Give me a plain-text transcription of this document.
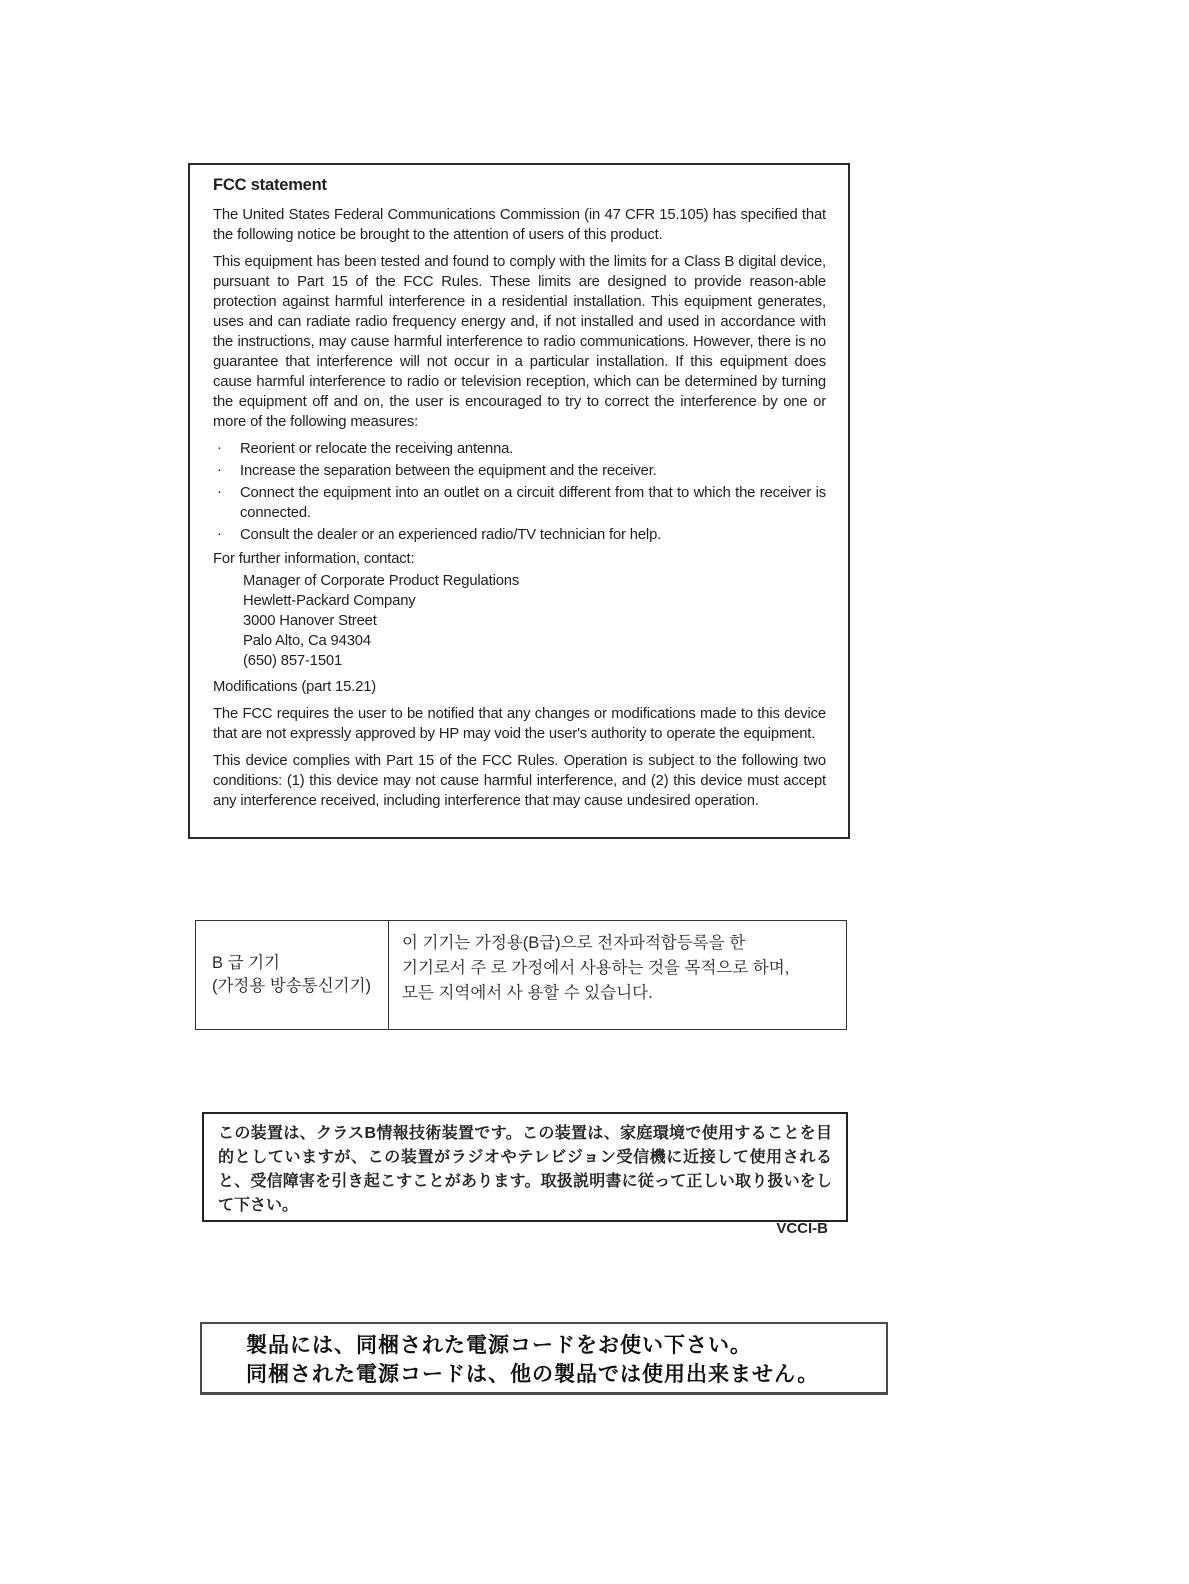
FCC statement

The United States Federal Communications Commission (in 47 CFR 15.105) has specified that the following notice be brought to the attention of users of this product.

This equipment has been tested and found to comply with the limits for a Class B digital device, pursuant to Part 15 of the FCC Rules. These limits are designed to provide reason-able protection against harmful interference in a residential installation. This equipment generates, uses and can radiate radio frequency energy and, if not installed and used in accordance with the instructions, may cause harmful interference to radio communications. However, there is no guarantee that interference will not occur in a particular installation. If this equipment does cause harmful interference to radio or television reception, which can be determined by turning the equipment off and on, the user is encouraged to try to correct the interference by one or more of the following measures:

· Reorient or relocate the receiving antenna.
· Increase the separation between the equipment and the receiver.
· Connect the equipment into an outlet on a circuit different from that to which the receiver is connected.
· Consult the dealer or an experienced radio/TV technician for help.

For further information, contact:

Manager of Corporate Product Regulations
Hewlett-Packard Company
3000 Hanover Street
Palo Alto, Ca 94304
(650) 857-1501

Modifications (part 15.21)

The FCC requires the user to be notified that any changes or modifications made to this device that are not expressly approved by HP may void the user's authority to operate the equipment.

This device complies with Part 15 of the FCC Rules. Operation is subject to the following two conditions: (1) this device may not cause harmful interference, and (2) this device must accept any interference received, including interference that may cause undesired operation.

B 급 기기
(가정용 방송통신기기)
이 기기는 가정용(B급)으로 전자파적합등록을 한
기기로서 주 로 가정에서 사용하는 것을 목적으로 하며,
모든 지역에서 사 용할 수 있습니다.

この装置は、クラスB情報技術装置です。この装置は、家庭環境で使用することを目的としていますが、この装置がラジオやテレビジョン受信機に近接して使用されると、受信障害を引き起こすことがあります。取扱説明書に従って正しい取り扱いをして下さい。

VCCI-B
製品には、同梱された電源コードをお使い下さい。
同梱された電源コードは、他の製品では使用出来ません。
